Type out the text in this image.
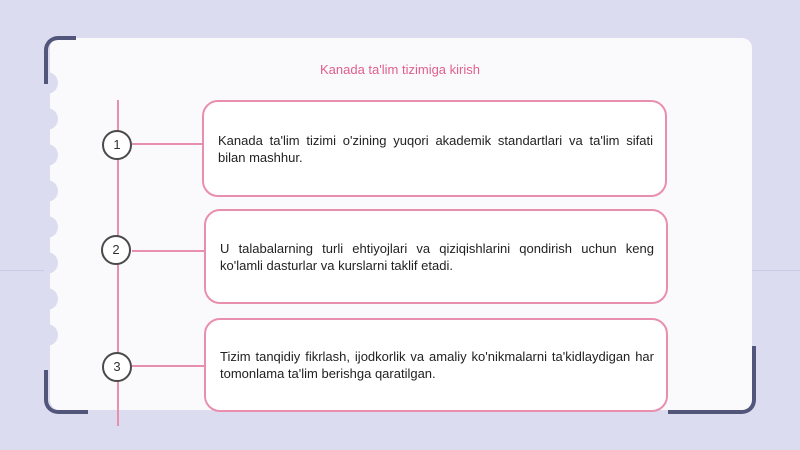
Kanada ta'lim tizimiga kirish
1	Kanada ta'lim tizimi o'zining yuqori akademik standartlari va ta'lim sifati bilan mashhur.
2	U talabalarning turli ehtiyojlari va qiziqishlarini qondirish uchun keng ko'lamli dasturlar va kurslarni taklif etadi.
3
Tizim tanqidiy fikrlash, ijodkorlik va amaliy ko'nikmalarni ta'kidlaydigan har tomonlama ta'lim berishga qaratilgan.
